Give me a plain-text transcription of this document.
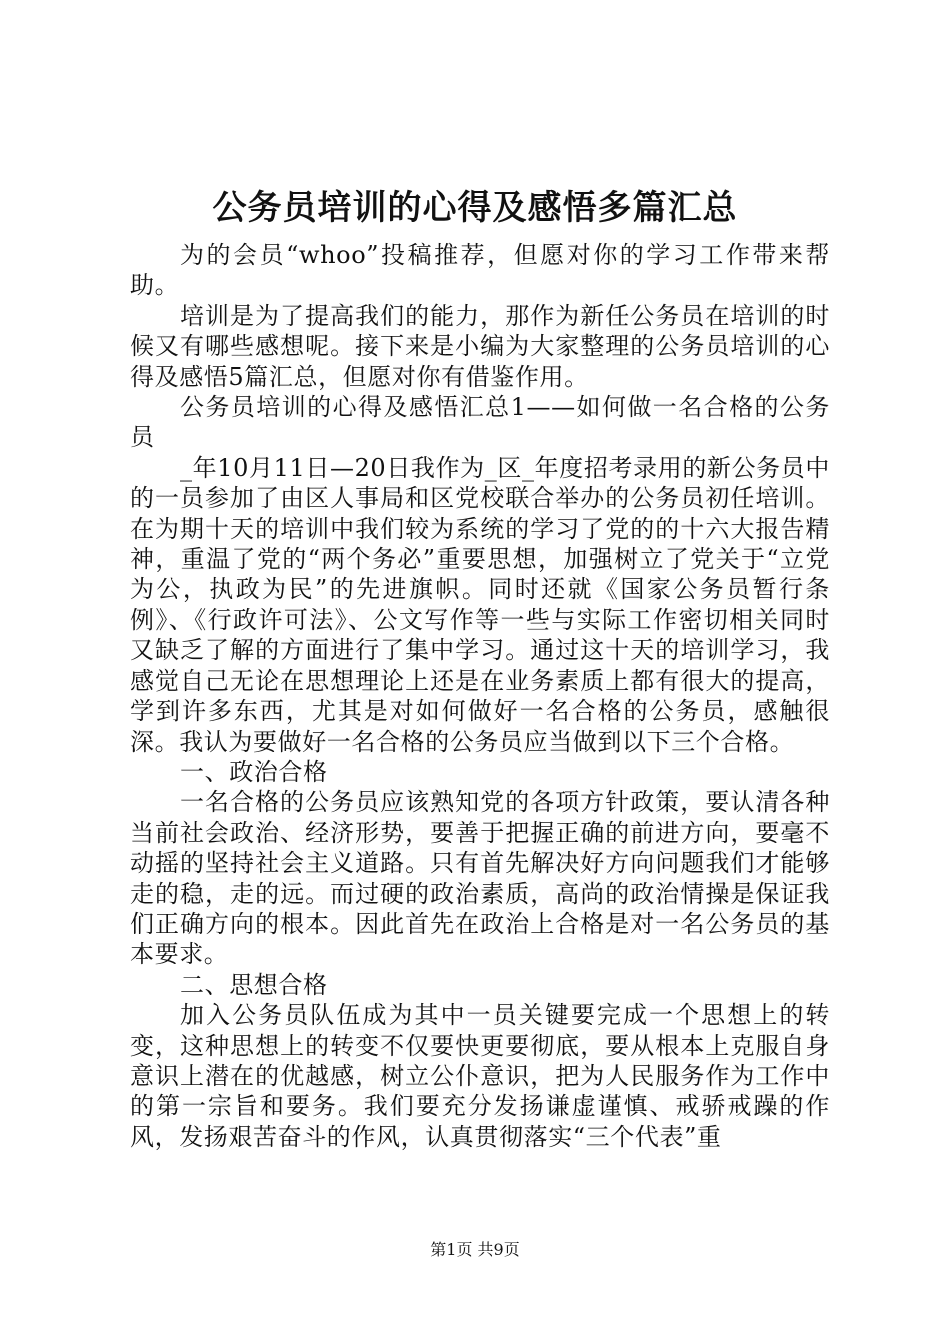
公务员培训的心得及感悟多篇汇总

为的会员“whoo”投稿推荐，但愿对你的学习工作带来帮助。

培训是为了提高我们的能力，那作为新任公务员在培训的时候又有哪些感想呢。接下来是小编为大家整理的公务员培训的心得及感悟5篇汇总，但愿对你有借鉴作用。

公务员培训的心得及感悟汇总1——如何做一名合格的公务员

_年10月11日—20日我作为_区_年度招考录用的新公务员中的一员参加了由区人事局和区党校联合举办的公务员初任培训。在为期十天的培训中我们较为系统的学习了党的的十六大报告精神，重温了党的“两个务必”重要思想，加强树立了党关于“立党为公，执政为民”的先进旗帜。同时还就《国家公务员暂行条例》、《行政许可法》、公文写作等一些与实际工作密切相关同时又缺乏了解的方面进行了集中学习。通过这十天的培训学习，我感觉自己无论在思想理论上还是在业务素质上都有很大的提高，学到许多东西，尤其是对如何做好一名合格的公务员，感触很深。我认为要做好一名合格的公务员应当做到以下三个合格。

一、政治合格

一名合格的公务员应该熟知党的各项方针政策，要认清各种当前社会政治、经济形势，要善于把握正确的前进方向，要毫不动摇的坚持社会主义道路。只有首先解决好方向问题我们才能够走的稳，走的远。而过硬的政治素质，高尚的政治情操是保证我们正确方向的根本。因此首先在政治上合格是对一名公务员的基本要求。

二、思想合格

加入公务员队伍成为其中一员关键要完成一个思想上的转变，这种思想上的转变不仅要快更要彻底，要从根本上克服自身意识上潜在的优越感，树立公仆意识，把为人民服务作为工作中的第一宗旨和要务。我们要充分发扬谦虚谨慎、戒骄戒躁的作风，发扬艰苦奋斗的作风，认真贯彻落实“三个代表”重

第1页 共9页
